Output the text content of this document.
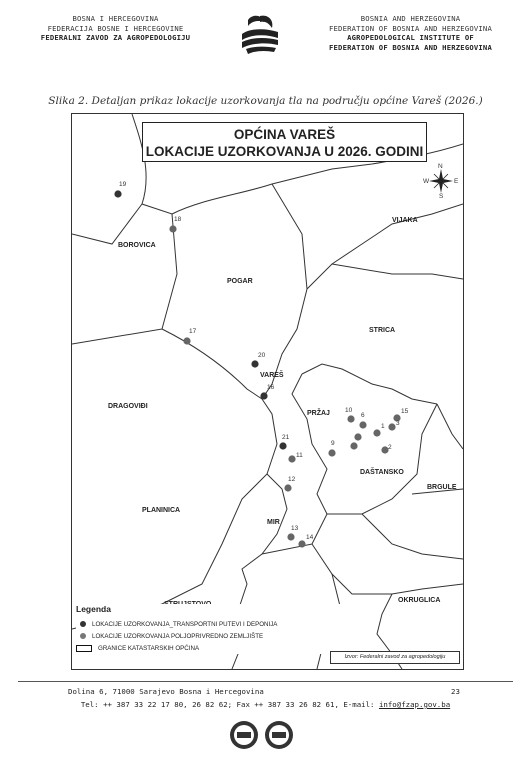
BOSNA I HERCEGOVINA
FEDERACIJA BOSNE I HERCEGOVINE
FEDERALNI ZAVOD ZA AGROPEDOLOGIJU
BOSNIA AND HERZEGOVINA
FEDERATION OF BOSNIA AND HERZEGOVINA
AGROPEDOLOGICAL INSTITUTE OF
FEDERATION OF BOSNIA AND HERZEGOVINA
Slika 2. Detaljan prikaz lokacije uzorkovanja tla na području općine Vareš (2026.)
OPĆINA VAREŠ
LOKACIJE UZORKOVANJA U 2026. GODINI
N
S
E
W
BOROVICA
POGAR
VIJAKA
STRICA
VAREŠ
DRAGOVIĐI
PRŽAJ
DAŠTANSKO
BRGULE
PLANINICA
MIR
OKRUGLICA
19
18
17
20
16
10
6
15
3
1
2
9
21
11
12
13
14
Legenda
LOKACIJE UZORKOVANJA_TRANSPORTNI PUTEVI I DEPONIJA
LOKACIJE UZORKOVANJA POLJOPRIVREDNO ZEMLJIŠTE
GRANICE KATASTARSKIH OPĆINA
Izvor: Federalni zavod za agropedologiju
Dolina 6, 71000 Sarajevo Bosna i Hercegovina	23
Tel: ++ 387 33 22 17 80, 26 82 62; Fax ++ 387 33 26 82 61, E-mail: info@fzap.gov.ba
